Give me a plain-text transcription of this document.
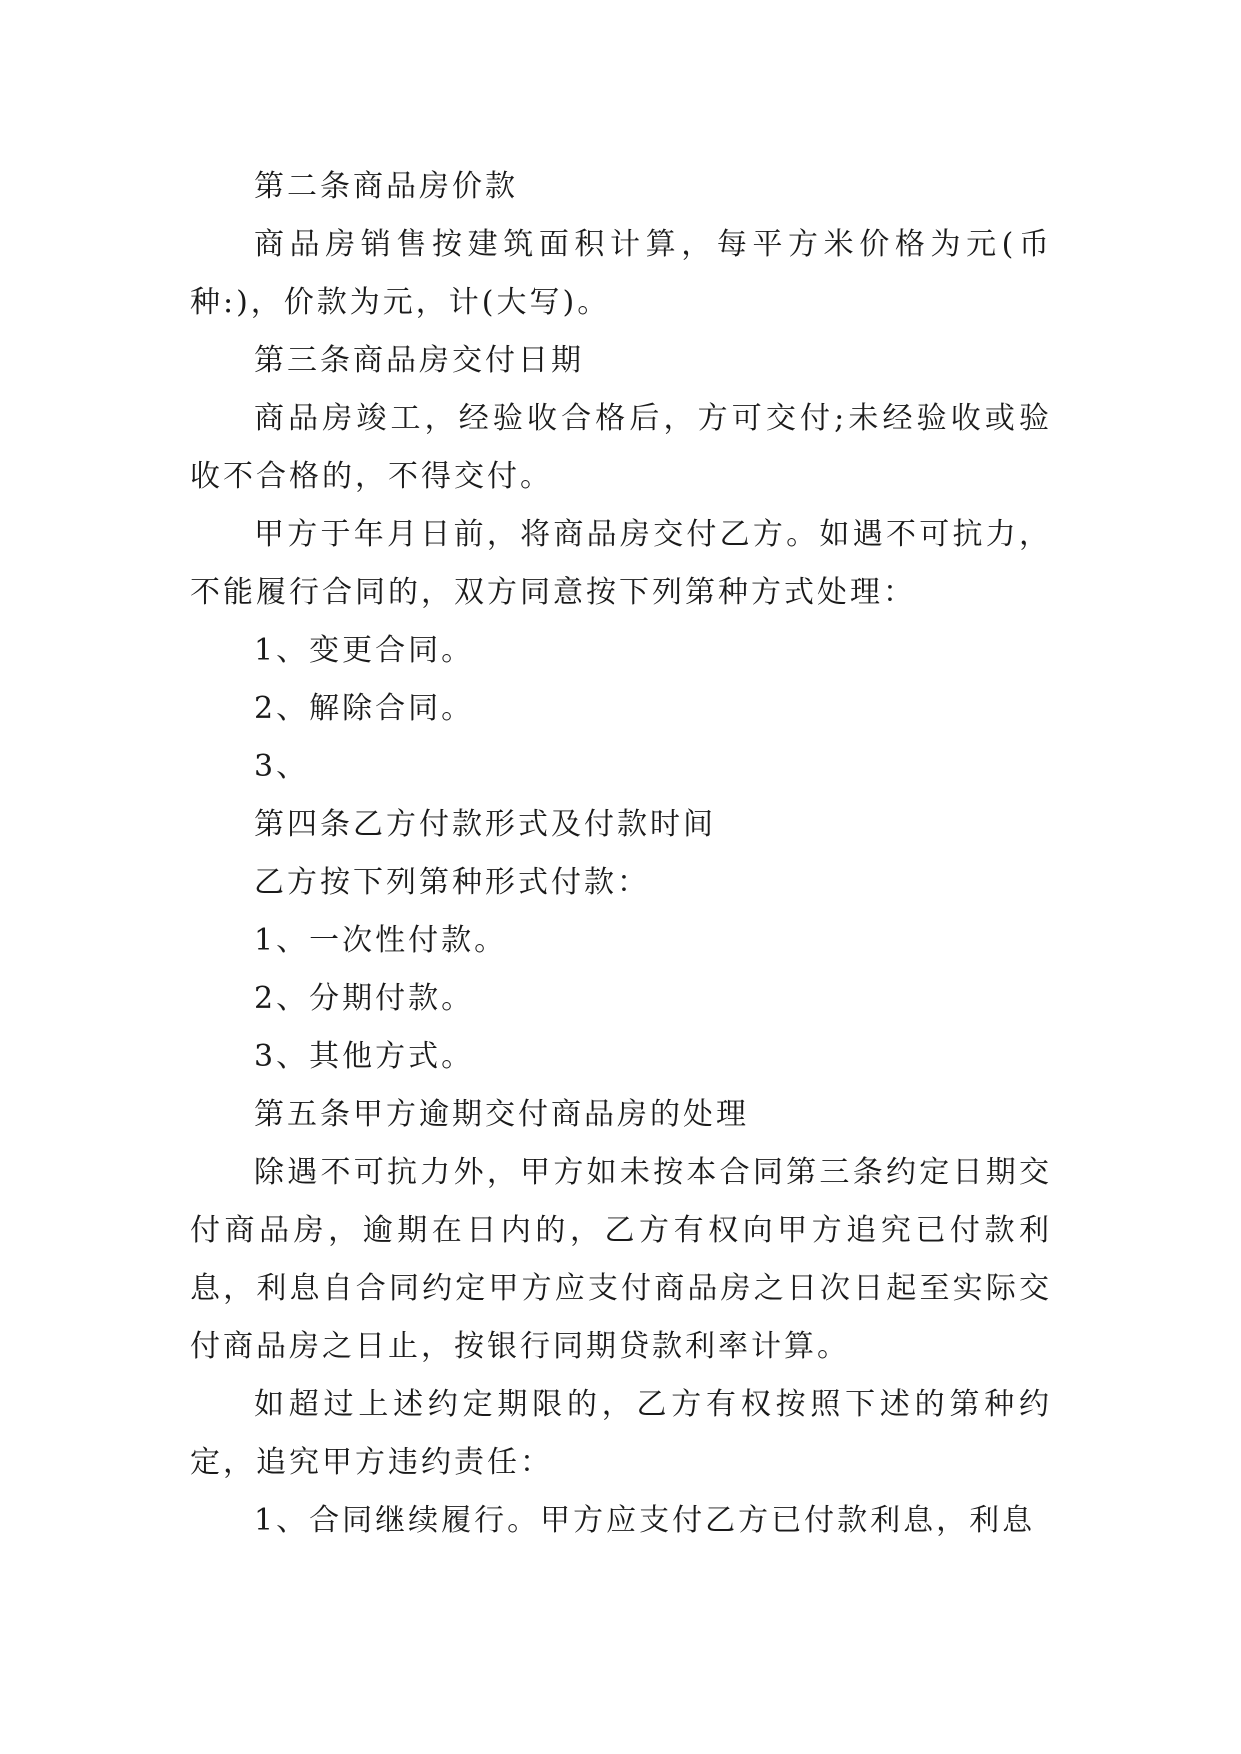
第二条商品房价款

商品房销售按建筑面积计算，每平方米价格为元(币种:)，价款为元，计(大写)。

第三条商品房交付日期

商品房竣工，经验收合格后，方可交付;未经验收或验收不合格的，不得交付。

甲方于年月日前，将商品房交付乙方。如遇不可抗力，不能履行合同的，双方同意按下列第种方式处理：

1、变更合同。

2、解除合同。

3、

第四条乙方付款形式及付款时间

乙方按下列第种形式付款：

1、一次性付款。

2、分期付款。

3、其他方式。

第五条甲方逾期交付商品房的处理

除遇不可抗力外，甲方如未按本合同第三条约定日期交付商品房，逾期在日内的，乙方有权向甲方追究已付款利息，利息自合同约定甲方应支付商品房之日次日起至实际交付商品房之日止，按银行同期贷款利率计算。

如超过上述约定期限的，乙方有权按照下述的第种约定，追究甲方违约责任：

1、合同继续履行。甲方应支付乙方已付款利息，利息
